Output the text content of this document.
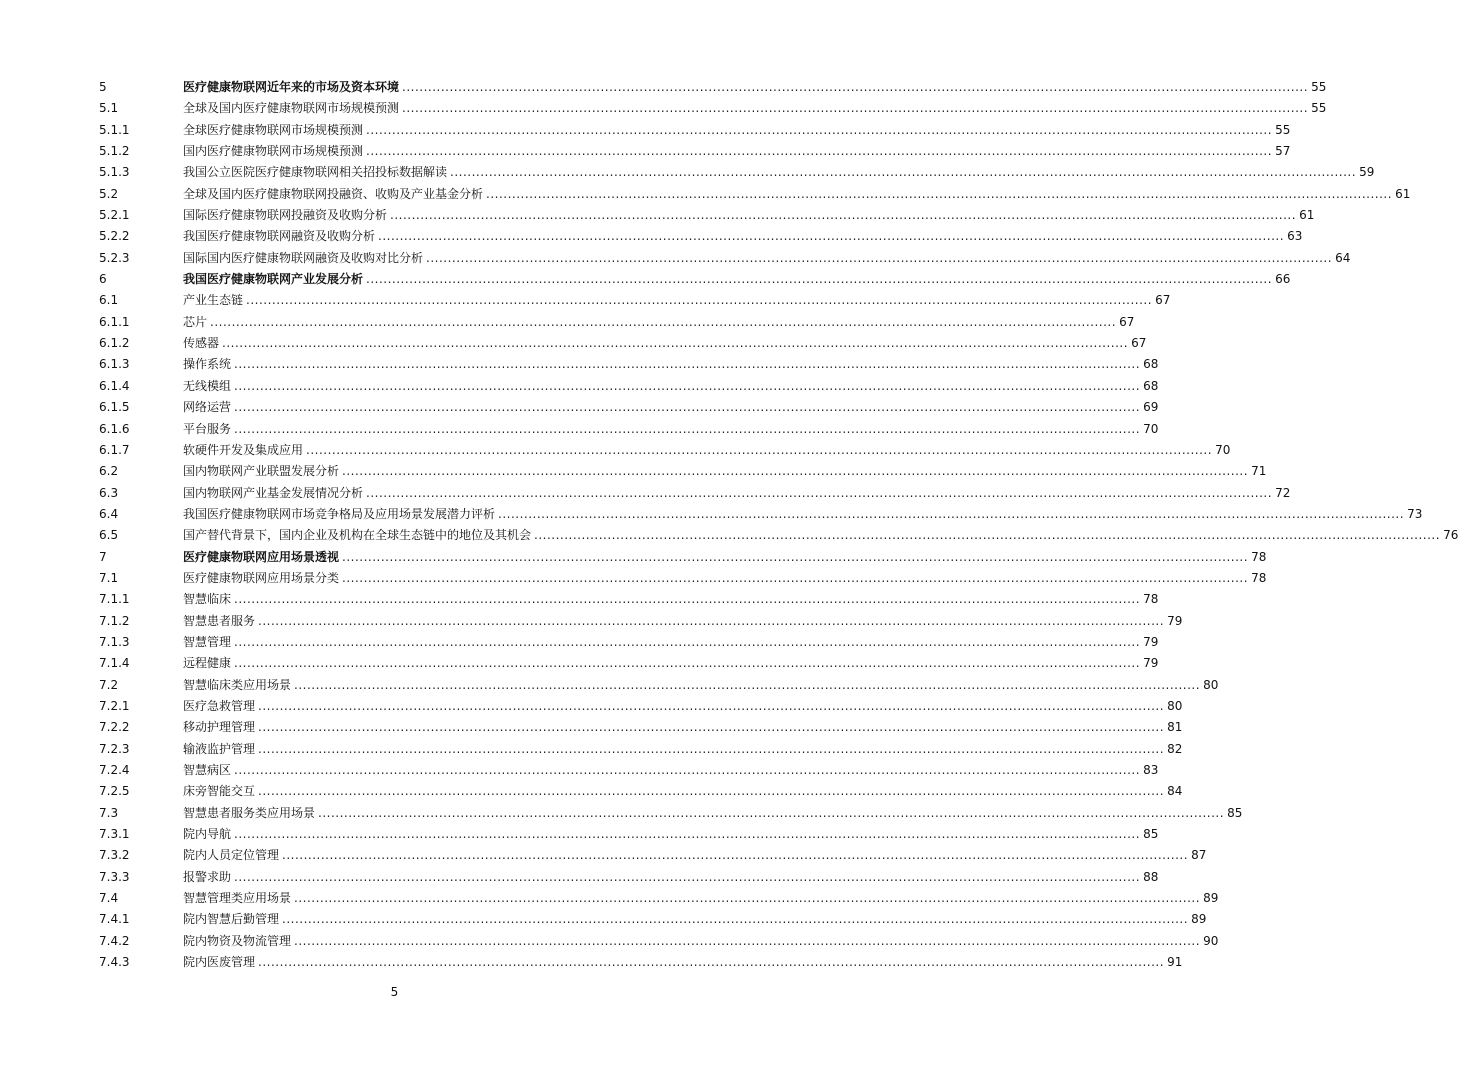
5	医疗健康物联网近年来的市场及资本环境 .................................................................................................................................................................................................................. 55
5.1	全球及国内医疗健康物联网市场规模预测 .................................................................................................................................................................................................................. 55
5.1.1	全球医疗健康物联网市场规模预测 .................................................................................................................................................................................................................. 55
5.1.2	国内医疗健康物联网市场规模预测 .................................................................................................................................................................................................................. 57
5.1.3	我国公立医院医疗健康物联网相关招投标数据解读 .................................................................................................................................................................................................................. 59
5.2	全球及国内医疗健康物联网投融资、收购及产业基金分析 .................................................................................................................................................................................................................. 61
5.2.1	国际医疗健康物联网投融资及收购分析 .................................................................................................................................................................................................................. 61
5.2.2	我国医疗健康物联网融资及收购分析 .................................................................................................................................................................................................................. 63
5.2.3	国际国内医疗健康物联网融资及收购对比分析 .................................................................................................................................................................................................................. 64
6	我国医疗健康物联网产业发展分析 .................................................................................................................................................................................................................. 66
6.1	产业生态链 .................................................................................................................................................................................................................. 67
6.1.1	芯片 .................................................................................................................................................................................................................. 67
6.1.2	传感器 .................................................................................................................................................................................................................. 67
6.1.3	操作系统 .................................................................................................................................................................................................................. 68
6.1.4	无线模组 .................................................................................................................................................................................................................. 68
6.1.5	网络运营 .................................................................................................................................................................................................................. 69
6.1.6	平台服务 .................................................................................................................................................................................................................. 70
6.1.7	软硬件开发及集成应用 .................................................................................................................................................................................................................. 70
6.2	国内物联网产业联盟发展分析 .................................................................................................................................................................................................................. 71
6.3	国内物联网产业基金发展情况分析 .................................................................................................................................................................................................................. 72
6.4	我国医疗健康物联网市场竞争格局及应用场景发展潜力评析 .................................................................................................................................................................................................................. 73
6.5	国产替代背景下，国内企业及机构在全球生态链中的地位及其机会 .................................................................................................................................................................................................................. 76
7	医疗健康物联网应用场景透视 .................................................................................................................................................................................................................. 78
7.1	医疗健康物联网应用场景分类 .................................................................................................................................................................................................................. 78
7.1.1	智慧临床 .................................................................................................................................................................................................................. 78
7.1.2	智慧患者服务 .................................................................................................................................................................................................................. 79
7.1.3	智慧管理 .................................................................................................................................................................................................................. 79
7.1.4	远程健康 .................................................................................................................................................................................................................. 79
7.2	智慧临床类应用场景 .................................................................................................................................................................................................................. 80
7.2.1	医疗急救管理 .................................................................................................................................................................................................................. 80
7.2.2	移动护理管理 .................................................................................................................................................................................................................. 81
7.2.3	输液监护管理 .................................................................................................................................................................................................................. 82
7.2.4	智慧病区 .................................................................................................................................................................................................................. 83
7.2.5	床旁智能交互 .................................................................................................................................................................................................................. 84
7.3	智慧患者服务类应用场景 .................................................................................................................................................................................................................. 85
7.3.1	院内导航 .................................................................................................................................................................................................................. 85
7.3.2	院内人员定位管理 .................................................................................................................................................................................................................. 87
7.3.3	报警求助 .................................................................................................................................................................................................................. 88
7.4	智慧管理类应用场景 .................................................................................................................................................................................................................. 89
7.4.1	院内智慧后勤管理 .................................................................................................................................................................................................................. 89
7.4.2	院内物资及物流管理 .................................................................................................................................................................................................................. 90
7.4.3	院内医废管理 .................................................................................................................................................................................................................. 91
5
